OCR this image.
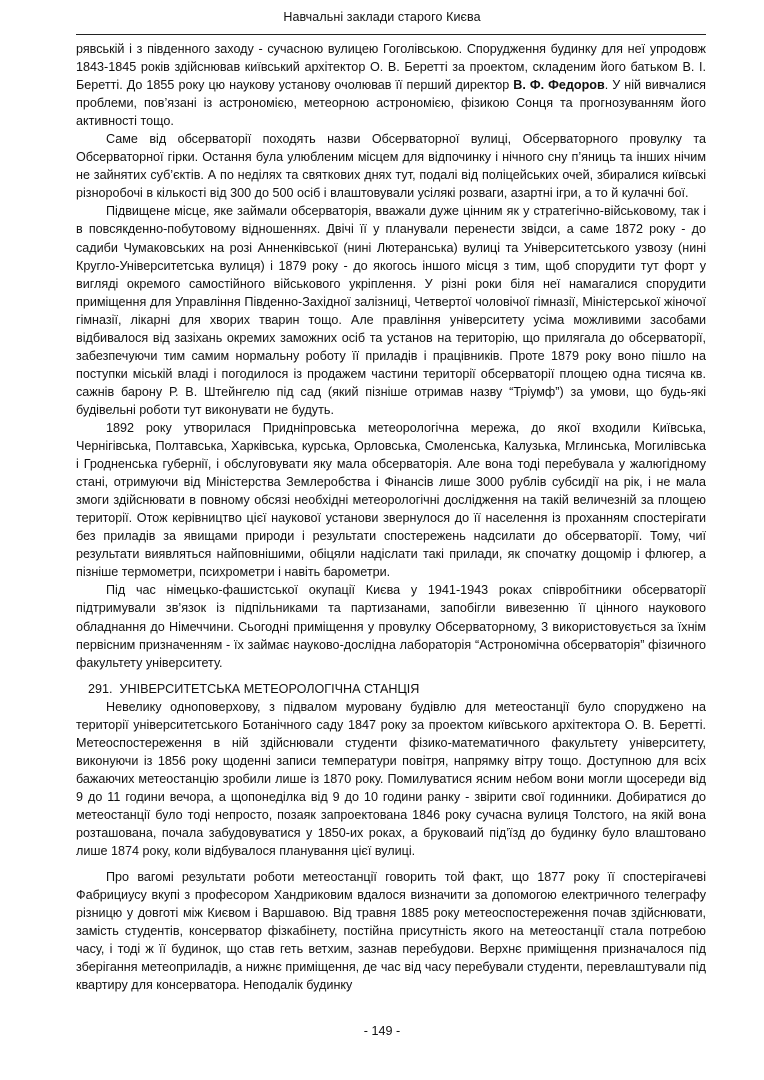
Навчальні заклади старого Києва

рявській і з південного заходу - сучасною вулицею Гоголівською. Спорудження будинку для неї упродовж 1843-1845 років здійснював київський архітектор О. В. Беретті за проектом, складеним його батьком В. І. Беретті. До 1855 року цю наукову установу очолював її перший директор В. Ф. Федоров. У ній вивчалися проблеми, пов’язані із астрономією, метеорною астрономією, фізикою Сонця та прогнозуванням його активності тощо.

Саме від обсерваторії походять назви Обсерваторної вулиці, Обсерваторного провулку та Обсерваторної гірки. Остання була улюбленим місцем для відпочинку і нічного сну п’яниць та інших нічим не зайнятих суб’єктів. А по неділях та святкових днях тут, подалі від поліцейських очей, збиралися київські різноробочі в кількості від 300 до 500 осіб і влаштовували усілякі розваги, азартні ігри, а то й кулачні бої.

Підвищене місце, яке займали обсерваторія, вважали дуже цінним як у стратегічно-військовому, так і в повсякденно-побутовому відношеннях. Двічі її у планували перенести звідси, а саме 1872 року - до садиби Чумаковських на розі Анненківської (нині Лютеранська) вулиці та Університетського узвозу (нині Кругло-Університетська вулиця) і 1879 року - до якогось іншого місця з тим, щоб спорудити тут форт у вигляді окремого самостійного військового укріплення. У різні роки біля неї намагалися спорудити приміщення для Управління Південно-Західної залізниці, Четвертої чоловічої гімназії, Міністерської жіночої гімназії, лікарні для хворих тварин тощо. Але правління університету усіма можливими засобами відбивалося від зазіхань окремих заможних осіб та установ на територію, що прилягала до обсерваторії, забезпечуючи тим самим нормальну роботу її приладів і працівників. Проте 1879 року воно пішло на поступки міській владі і погодилося із продажем частини території обсерваторії площею одна тисяча кв. сажнів барону Р. В. Штейнгелю під сад (який пізніше отримав назву “Тріумф”) за умови, що будь-які будівельні роботи тут виконувати не будуть.

1892 року утворилася Придніпровська метеорологічна мережа, до якої входили Київська, Чернігівська, Полтавська, Харківська, курська, Орловська, Смоленська, Калузька, Мглинська, Могилівська і Гродненська губернії, і обслуговувати яку мала обсерваторія. Але вона тоді перебувала у жалюгідному стані, отримуючи від Міністерства Землеробства і Фінансів лише 3000 рублів субсидії на рік, і не мала змоги здійснювати в повному обсязі необхідні метеорологічні дослідження на такій величезній за площею території. Отож керівництво цієї наукової установи звернулося до її населення із проханням спостерігати без приладів за явищами природи і результати спостережень надсилати до обсерваторії. Тому, чиї результати виявляться найповнішими, обіцяли надіслати такі прилади, як спочатку дощомір і флюгер, а пізніше термометри, психрометри і навіть барометри.

Під час німецько-фашистської окупації Києва у 1941-1943 роках співробітники обсерваторії підтримували зв’язок із підпільниками та партизанами, запобігли вивезенню її цінного наукового обладнання до Німеччини. Сьогодні приміщення у провулку Обсерваторному, 3 використовується за їхнім первісним призначенням - їх займає науково-дослідна лабораторія “Астрономічна обсерваторія” фізичного факультету університету.

291. УНІВЕРСИТЕТСЬКА МЕТЕОРОЛОГІЧНА СТАНЦІЯ

Невелику одноповерхову, з підвалом муровану будівлю для метеостанції було споруджено на території університетського Ботанічного саду 1847 року за проектом київського архітектора О. В. Беретті. Метеоспостереження в ній здійснювали студенти фізико-математичного факультету університету, виконуючи із 1856 року щоденні записи температури повітря, напрямку вітру тощо. Доступною для всіх бажаючих метеостанцію зробили лише із 1870 року. Помилуватися ясним небом вони могли щосереди від 9 до 11 години вечора, а щопонеділка від 9 до 10 години ранку - звірити свої годинники. Добиратися до метеостанції було тоді непросто, позаяк запроектована 1846 року сучасна вулиця Толстого, на якій вона розташована, почала забудовуватися у 1850-их роках, а бруковаий під’їзд до будинку було влаштовано лише 1874 року, коли відбувалося планування цієї вулиці.

Про вагомі результати роботи метеостанції говорить той факт, що 1877 року її спостерігачеві Фабрициусу вкупі з професором Хандриковим вдалося визначити за допомогою електричного телеграфу різницю у довготі між Києвом і Варшавою. Від травня 1885 року метеоспостереження почав здійснювати, замість студентів, консерватор фізкабінету, постійна присутність якого на метеостанції стала потребою часу, і тоді ж її будинок, що став геть ветхим, зазнав перебудови. Верхнє приміщення призначалося під зберігання метеоприладів, а нижнє приміщення, де час від часу перебували студенти, перевлаштували під квартиру для консерватора. Неподалік будинку

- 149 -
